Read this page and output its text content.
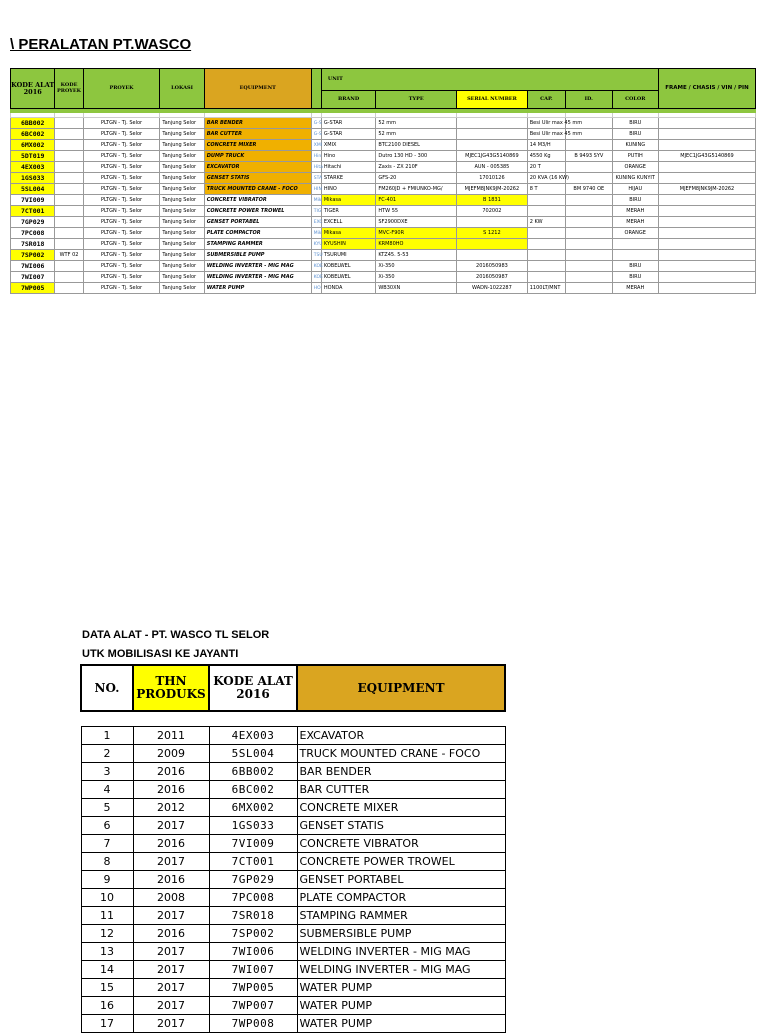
\ PERALATAN PT.WASCO
KODE ALAT 2016	KODE PROYEK	PROYEK	LOKASI	EQUIPMENT		UNIT						FRAME / CHASIS / VIN / PIN
						BRAND	TYPE	SERIAL NUMBER	CAP.	ID.	COLOR	

6BB002		PLTGN - Tj. Selor	Tanjung Selor	BAR BENDER	G-S	G-STAR	52 mm		Besi Ulir max 45 mm		BIRU	
6BC002		PLTGN - Tj. Selor	Tanjung Selor	BAR CUTTER	G-S	G-STAR	52 mm		Besi Ulir max 45 mm		BIRU	
6MX002		PLTGN - Tj. Selor	Tanjung Selor	CONCRETE MIXER	XMI	XMIX	BTC2100 DIESEL		14 M3/H		KUNING	
5DT019		PLTGN - Tj. Selor	Tanjung Selor	DUMP TRUCK	Hin	Hino	Dutro 130 HD - 300	MJEC1JG43G5140869	4550 Kg	B 9493 SYV	PUTIH	MJEC1JG43G5140869
4EX003		PLTGN - Tj. Selor	Tanjung Selor	EXCAVATOR	Hita	Hitachi	Zaxis - ZX 210F	AUN - 005385	20 T		ORANGE	
1GS033		PLTGN - Tj. Selor	Tanjung Selor	GENSET STATIS	STA	STARKE	GFS-20	17010126	20 KVA (16 KW)		KUNING KUNYIT	
5SL004		PLTGN - Tj. Selor	Tanjung Selor	TRUCK MOUNTED CRANE - FOCO	HIN	HINO	FM260JD + FMIUNKO-MG/	MJEFM8JNK9JM-20262	8 T	BM 9740 OE	HIJAU	MJEFM8JNK9JM-20262
7VI009		PLTGN - Tj. Selor	Tanjung Selor	CONCRETE VIBRATOR	Mik	Mikasa	FC-401	B 1831			BIRU	
7CT001		PLTGN - Tj. Selor	Tanjung Selor	CONCRETE POWER TROWEL	TIG	TIGER	HTW 55	702002			MERAH	
7GP029		PLTGN - Tj. Selor	Tanjung Selor	GENSET PORTABEL	EXC	EXCELL	SF2900DXE		2 KW		MERAH	
7PC008		PLTGN - Tj. Selor	Tanjung Selor	PLATE COMPACTOR	Mik	Mikasa	MVC-F90R	S 1212			ORANGE	
7SR018		PLTGN - Tj. Selor	Tanjung Selor	STAMPING RAMMER	KYU	KYUSHIN	KRM80HO					
7SP002	WTF 02	PLTGN - Tj. Selor	Tanjung Selor	SUBMERSIBLE PUMP	TSU	TSURUMI	KTZ45. 5-53					
7WI006		PLTGN - Tj. Selor	Tanjung Selor	WELDING INVERTER - MIG MAG	KOE	KOBELWEL	Xi-350	2016050983			BIRU	
7WI007		PLTGN - Tj. Selor	Tanjung Selor	WELDING INVERTER - MIG MAG	KOE	KOBELWEL	Xi-350	2016050987			BIRU	
7WP005		PLTGN - Tj. Selor	Tanjung Selor	WATER PUMP	HO	HONDA	WB30XN	WADN-1022287	1100LT/MNT		MERAH	
DATA ALAT - PT. WASCO TL SELOR
UTK MOBILISASI KE JAYANTI
NO.	THN PRODUKS	KODE ALAT 2016	EQUIPMENT

1	2011	4EX003	EXCAVATOR
2	2009	5SL004	TRUCK MOUNTED CRANE - FOCO
3	2016	6BB002	BAR BENDER
4	2016	6BC002	BAR CUTTER
5	2012	6MX002	CONCRETE MIXER
6	2017	1GS033	GENSET STATIS
7	2016	7VI009	CONCRETE VIBRATOR
8	2017	7CT001	CONCRETE POWER TROWEL
9	2016	7GP029	GENSET PORTABEL
10	2008	7PC008	PLATE COMPACTOR
11	2017	7SR018	STAMPING RAMMER
12	2016	7SP002	SUBMERSIBLE PUMP
13	2017	7WI006	WELDING INVERTER - MIG MAG
14	2017	7WI007	WELDING INVERTER - MIG MAG
15	2017	7WP005	WATER PUMP
16	2017	7WP007	WATER PUMP
17	2017	7WP008	WATER PUMP
